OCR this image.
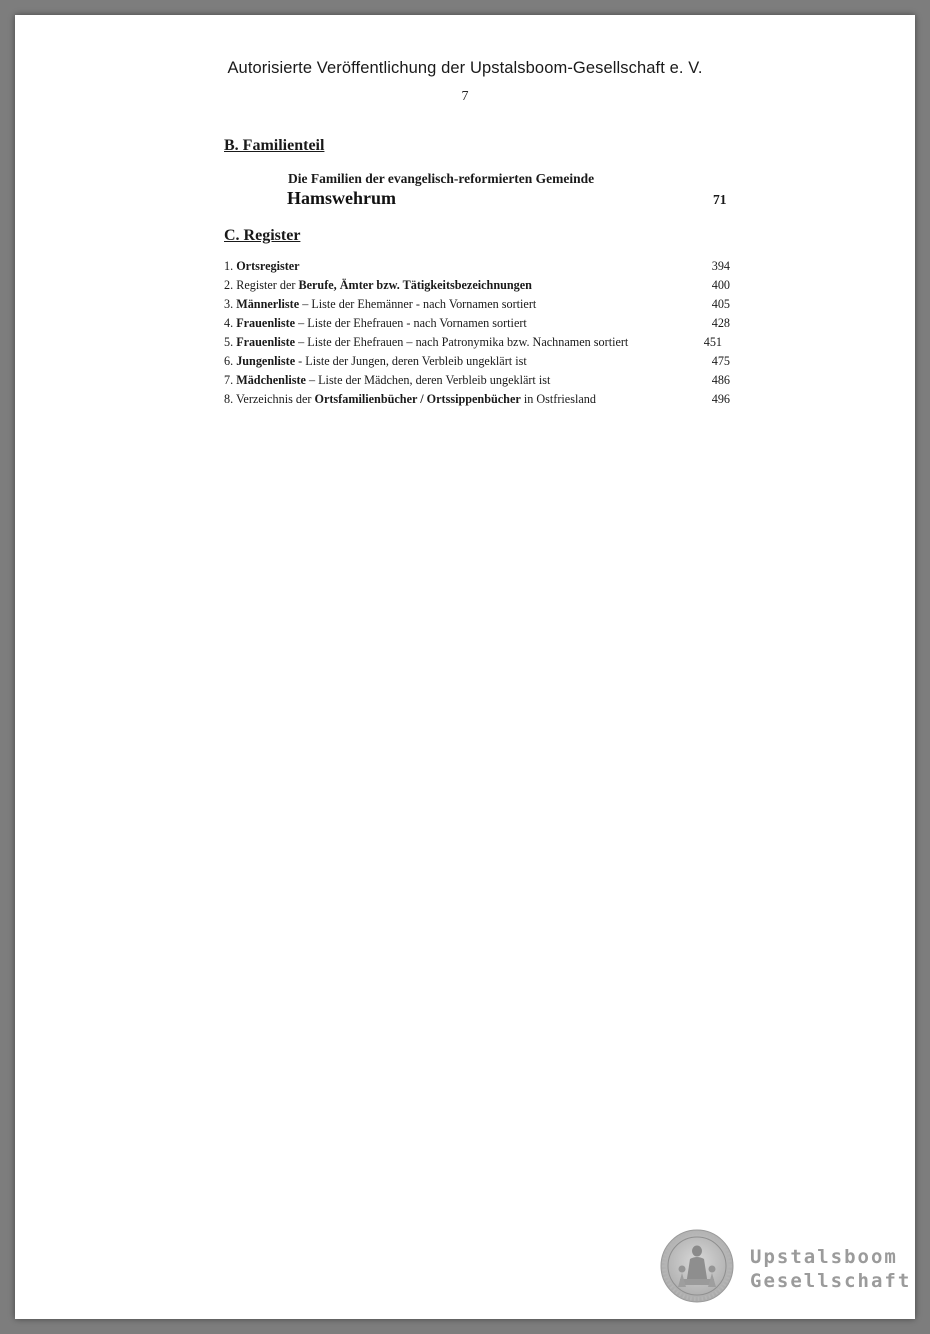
Autorisierte Veröffentlichung der Upstalsboom-Gesellschaft e. V.
7
B. Familienteil
Die Familien der evangelisch-reformierten Gemeinde
Hamswehrum	71
C. Register
1. Ortsregister	394
2. Register der Berufe, Ämter bzw. Tätigkeitsbezeichnungen	400
3. Männerliste – Liste der Ehemänner - nach Vornamen sortiert	405
4. Frauenliste – Liste der Ehefrauen - nach Vornamen sortiert	428
5. Frauenliste – Liste der Ehefrauen – nach Patronymika bzw. Nachnamen sortiert	451
6. Jungenliste - Liste der Jungen, deren Verbleib ungeklärt ist	475
7. Mädchenliste – Liste der Mädchen, deren Verbleib ungeklärt ist	486
8. Verzeichnis der Ortsfamilienbücher / Ortssippenbücher in Ostfriesland	496
Upstalsboom
Gesellschaft
